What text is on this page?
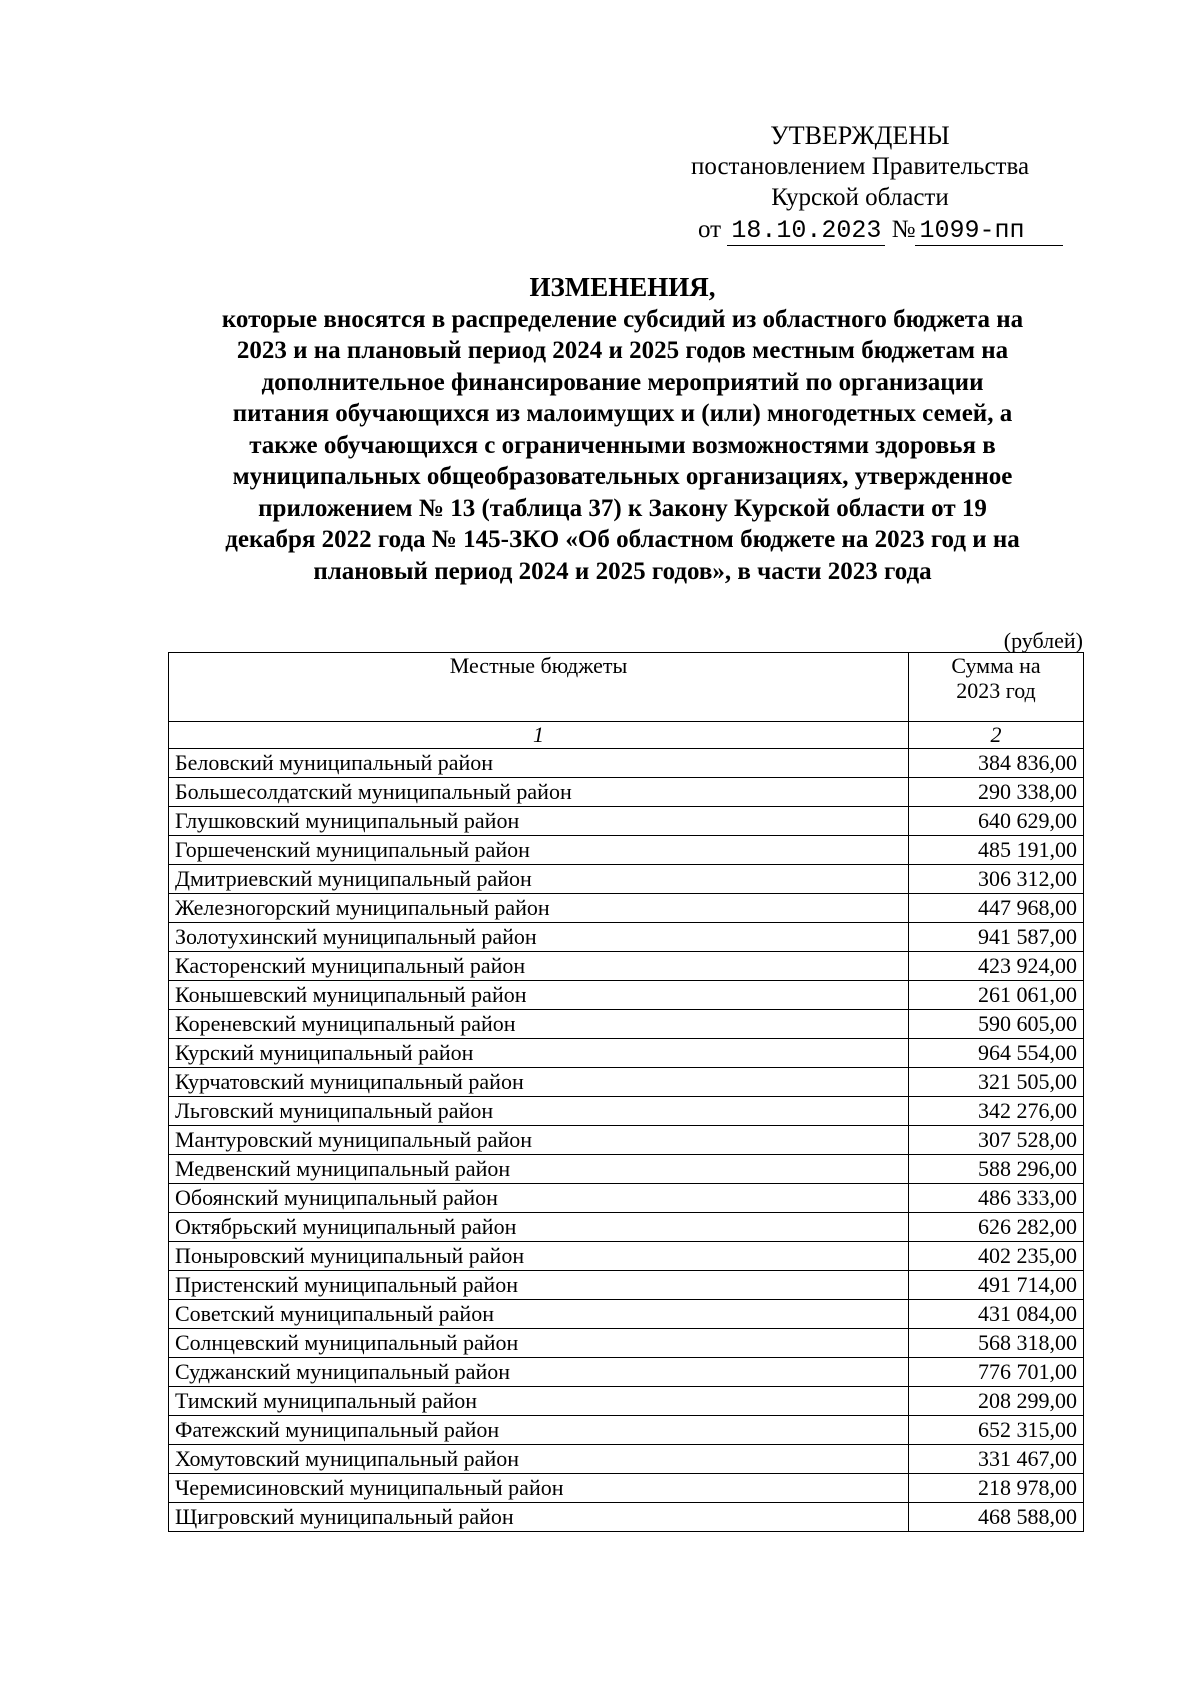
УТВЕРЖДЕНЫ
постановлением Правительства
Курской области
от 18.10.2023 № 1099-пп
ИЗМЕНЕНИЯ,
которые вносятся в распределение субсидий из областного бюджета на
2023 и на плановый период 2024 и 2025 годов местным бюджетам на
дополнительное финансирование мероприятий по организации
питания обучающихся из малоимущих и (или) многодетных семей, а
также обучающихся с ограниченными возможностями здоровья в
муниципальных общеобразовательных организациях, утвержденное
приложением № 13 (таблица 37) к Закону Курской области от 19
декабря 2022 года № 145-ЗКО «Об областном бюджете на 2023 год и на
плановый период 2024 и 2025 годов», в части 2023 года
(рублей)
Местные бюджеты	Сумма на 2023 год
1	2
Беловский муниципальный район	384 836,00
Большесолдатский муниципальный район	290 338,00
Глушковский муниципальный район	640 629,00
Горшеченский муниципальный район	485 191,00
Дмитриевский муниципальный район	306 312,00
Железногорский муниципальный район	447 968,00
Золотухинский муниципальный район	941 587,00
Касторенский муниципальный район	423 924,00
Конышевский муниципальный район	261 061,00
Кореневский муниципальный район	590 605,00
Курский муниципальный район	964 554,00
Курчатовский муниципальный район	321 505,00
Льговский муниципальный район	342 276,00
Мантуровский муниципальный район	307 528,00
Медвенский муниципальный район	588 296,00
Обоянский муниципальный район	486 333,00
Октябрьский муниципальный район	626 282,00
Поныровский муниципальный район	402 235,00
Пристенский муниципальный район	491 714,00
Советский муниципальный район	431 084,00
Солнцевский муниципальный район	568 318,00
Суджанский муниципальный район	776 701,00
Тимский муниципальный район	208 299,00
Фатежский муниципальный район	652 315,00
Хомутовский муниципальный район	331 467,00
Черемисиновский муниципальный район	218 978,00
Щигровский муниципальный район	468 588,00
